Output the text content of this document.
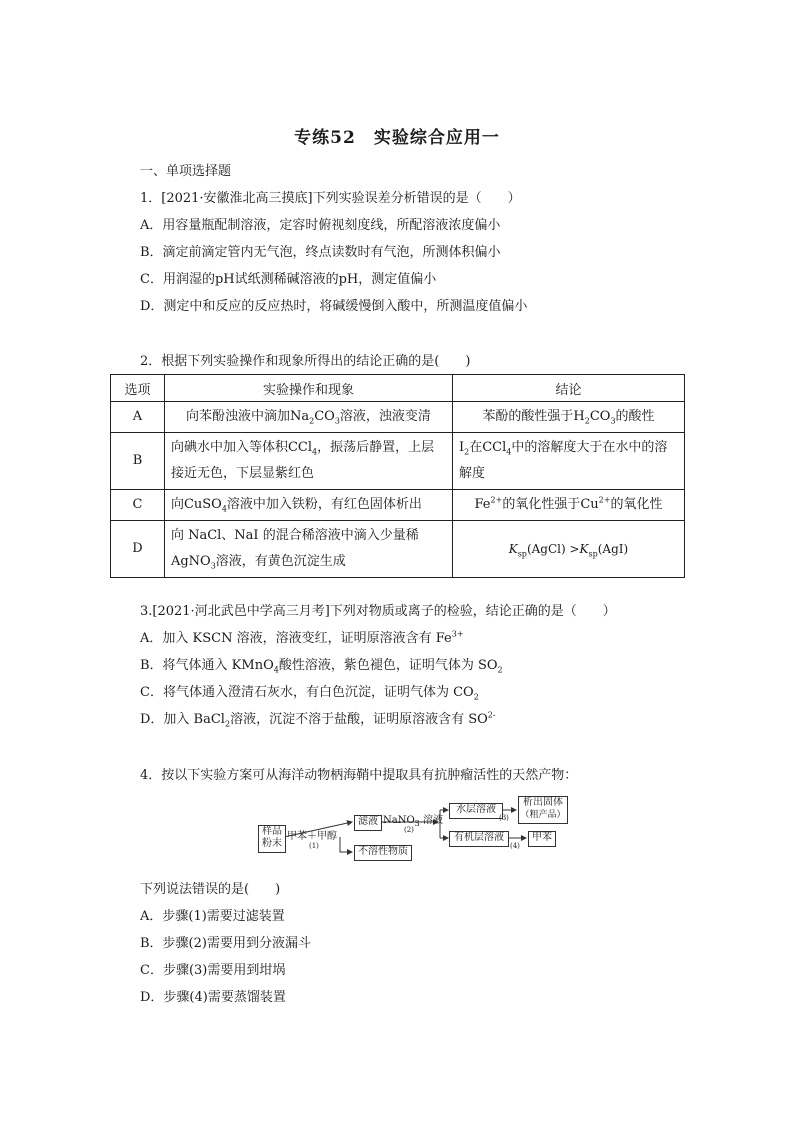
专练52　实验综合应用一
一、单项选择题
1．[2021·安徽淮北高三摸底]下列实验误差分析错误的是（　　）
A．用容量瓶配制溶液，定容时俯视刻度线，所配溶液浓度偏小
B．滴定前滴定管内无气泡，终点读数时有气泡，所测体积偏小
C．用润湿的pH试纸测稀碱溶液的pH，测定值偏小
D．测定中和反应的反应热时，将碱缓慢倒入酸中，所测温度值偏小
2．根据下列实验操作和现象所得出的结论正确的是(　　)
选项	实验操作和现象	结论
A	向苯酚浊液中滴加$Na_2CO_3$溶液，浊液变清	苯酚的酸性强于$H_2CO_3$的酸性
B	向碘水中加入等体积CCl$_4$，振荡后静置，上层接近无色，下层显紫红色	$I_2$在CCl$_4$中的溶解度大于在水中的溶解度
C	向CuSO$_4$溶液中加入铁粉，有红色固体析出	$Fe^{2+}$的氧化性强于$Cu^{2+}$的氧化性
D	向 NaCl、NaI 的混合稀溶液中滴入少量稀AgNO$_3$溶液，有黄色沉淀生成	$K_{sp}(AgCl) >K_{sp}(AgI)$
3.[2021·河北武邑中学高三月考]下列对物质或离子的检验，结论正确的是（　　）
A．加入 KSCN 溶液，溶液变红，证明原溶液含有 $Fe^{3+}$
B．将气体通入 KMnO$_4$酸性溶液，紫色褪色，证明气体为 $SO_2$
C．将气体通入澄清石灰水，有白色沉淀，证明气体为 $CO_2$
D．加入 BaCl$_2$溶液，沉淀不溶于盐酸，证明原溶液含有 $SO^{2-}$
4．按以下实验方案可从海洋动物柄海鞘中提取具有抗肿瘤活性的天然产物：
样品
粉末
甲苯＋甲醇
(1)
滤液
不溶性物质
NaNO$_3$ 溶液
(2)
水层溶液
有机层溶液
(3)
(4)
析出固体
（粗产品）
甲苯
下列说法错误的是(　　)
A．步骤(1)需要过滤装置
B．步骤(2)需要用到分液漏斗
C．步骤(3)需要用到坩埚
D．步骤(4)需要蒸馏装置
